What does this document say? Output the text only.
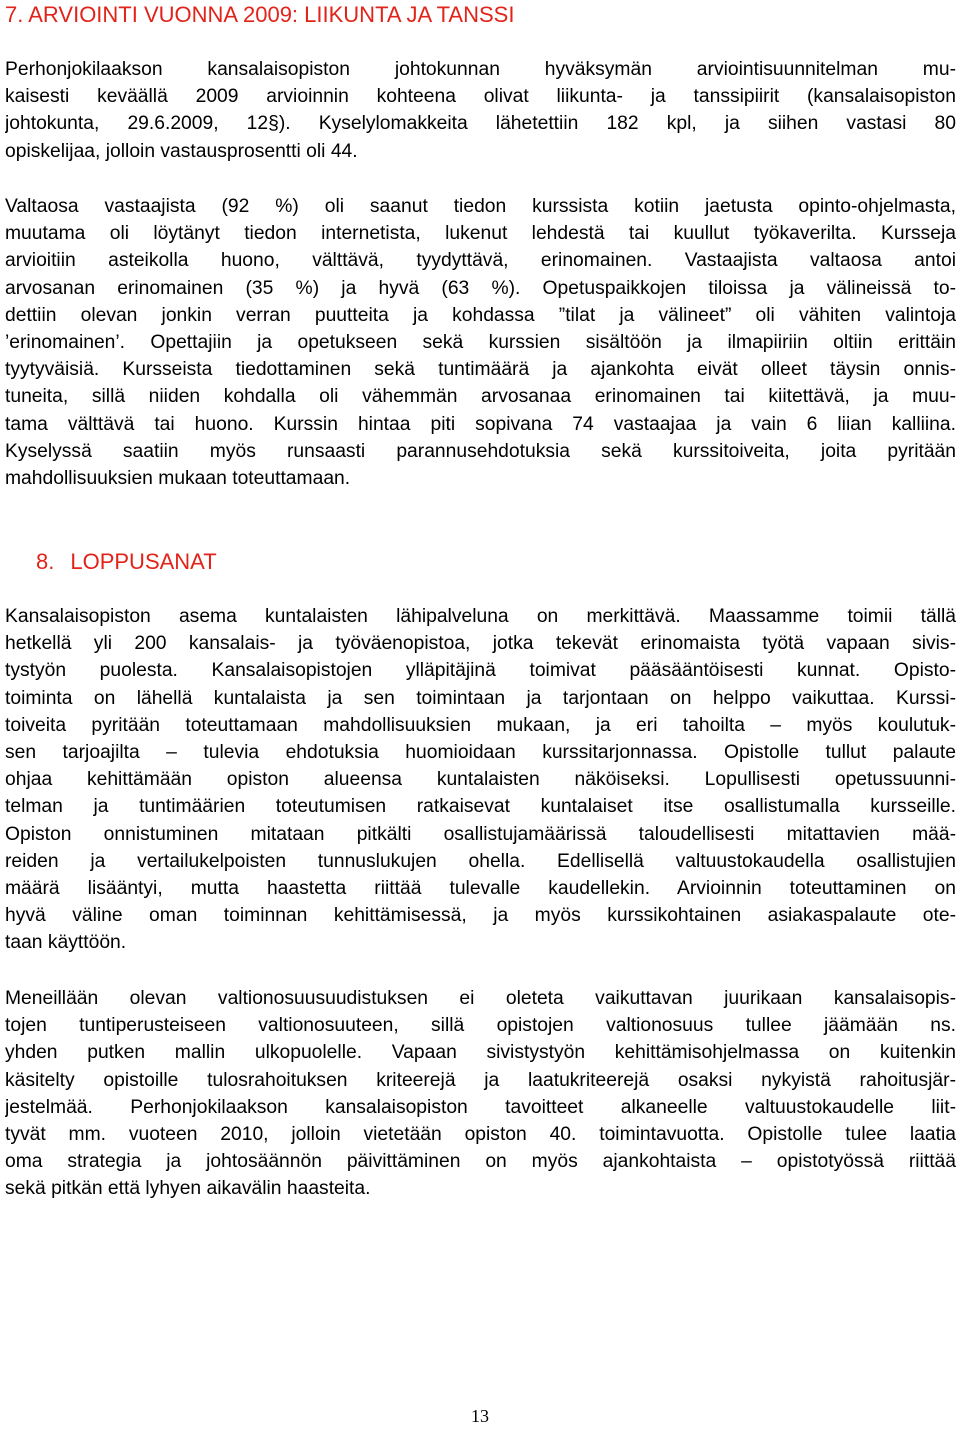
7. ARVIOINTI VUONNA 2009: LIIKUNTA JA TANSSI
Perhonjokilaakson kansalaisopiston johtokunnan hyväksymän arviointisuunnitelman mu-
kaisesti keväällä 2009 arvioinnin kohteena olivat liikunta- ja tanssipiirit (kansalaisopiston
johtokunta, 29.6.2009, 12§). Kyselylomakkeita lähetettiin 182 kpl, ja siihen vastasi 80
opiskelijaa, jolloin vastausprosentti oli 44.
Valtaosa vastaajista (92 %) oli saanut tiedon kurssista kotiin jaetusta opinto-ohjelmasta,
muutama oli löytänyt tiedon internetista, lukenut lehdestä tai kuullut työkaverilta. Kursseja
arvioitiin asteikolla huono, välttävä, tyydyttävä, erinomainen. Vastaajista valtaosa antoi
arvosanan erinomainen (35 %) ja hyvä (63 %). Opetuspaikkojen tiloissa ja välineissä to-
dettiin olevan jonkin verran puutteita ja kohdassa ”tilat ja välineet” oli vähiten valintoja
’erinomainen’. Opettajiin ja opetukseen sekä kurssien sisältöön ja ilmapiiriin oltiin erittäin
tyytyväisiä. Kursseista tiedottaminen sekä tuntimäärä ja ajankohta eivät olleet täysin onnis-
tuneita, sillä niiden kohdalla oli vähemmän arvosanaa erinomainen tai kiitettävä, ja muu-
tama välttävä tai huono. Kurssin hintaa piti sopivana 74 vastaajaa ja vain 6 liian kalliina.
Kyselyssä saatiin myös runsaasti parannusehdotuksia sekä kurssitoiveita, joita pyritään
mahdollisuuksien mukaan toteuttamaan.
8. LOPPUSANAT
Kansalaisopiston asema kuntalaisten lähipalveluna on merkittävä. Maassamme toimii tällä
hetkellä yli 200 kansalais- ja työväenopistoa, jotka tekevät erinomaista työtä vapaan sivis-
tystyön puolesta. Kansalaisopistojen ylläpitäjinä toimivat pääsääntöisesti kunnat. Opisto-
toiminta on lähellä kuntalaista ja sen toimintaan ja tarjontaan on helppo vaikuttaa. Kurssi-
toiveita pyritään toteuttamaan mahdollisuuksien mukaan, ja eri tahoilta – myös koulutuk-
sen tarjoajilta – tulevia ehdotuksia huomioidaan kurssitarjonnassa. Opistolle tullut palaute
ohjaa kehittämään opiston alueensa kuntalaisten näköiseksi. Lopullisesti opetussuunni-
telman ja tuntimäärien toteutumisen ratkaisevat kuntalaiset itse osallistumalla kursseille.
Opiston onnistuminen mitataan pitkälti osallistujamäärissä taloudellisesti mitattavien mää-
reiden ja vertailukelpoisten tunnuslukujen ohella. Edellisellä valtuustokaudella osallistujien
määrä lisääntyi, mutta haastetta riittää tulevalle kaudellekin. Arvioinnin toteuttaminen on
hyvä väline oman toiminnan kehittämisessä, ja myös kurssikohtainen asiakaspalaute ote-
taan käyttöön.
Meneillään olevan valtionosuusuudistuksen ei oleteta vaikuttavan juurikaan kansalaisopis-
tojen tuntiperusteiseen valtionosuuteen, sillä opistojen valtionosuus tullee jäämään ns.
yhden putken mallin ulkopuolelle. Vapaan sivistystyön kehittämisohjelmassa on kuitenkin
käsitelty opistoille tulosrahoituksen kriteerejä ja laatukriteerejä osaksi nykyistä rahoitusjär-
jestelmää. Perhonjokilaakson kansalaisopiston tavoitteet alkaneelle valtuustokaudelle liit-
tyvät mm. vuoteen 2010, jolloin vietetään opiston 40. toimintavuotta. Opistolle tulee laatia
oma strategia ja johtosäännön päivittäminen on myös ajankohtaista – opistotyössä riittää
sekä pitkän että lyhyen aikavälin haasteita.
13
